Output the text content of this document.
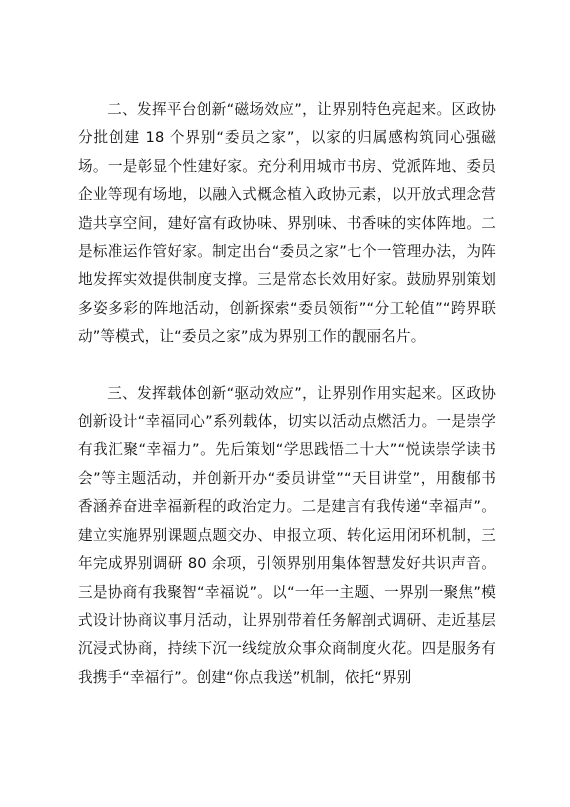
二、发挥平台创新“磁场效应”，让界别特色亮起来。区政协分批创建 18 个界别“委员之家”，以家的归属感构筑同心强磁场。一是彰显个性建好家。充分利用城市书房、党派阵地、委员企业等现有场地，以融入式概念植入政协元素，以开放式理念营造共享空间，建好富有政协味、界别味、书香味的实体阵地。二是标准运作管好家。制定出台“委员之家”七个一管理办法，为阵地发挥实效提供制度支撑。三是常态长效用好家。鼓励界别策划多姿多彩的阵地活动，创新探索“委员领衔”“分工轮值”“跨界联动”等模式，让“委员之家”成为界别工作的靓丽名片。

三、发挥载体创新“驱动效应”，让界别作用实起来。区政协创新设计“幸福同心”系列载体，切实以活动点燃活力。一是崇学有我汇聚“幸福力”。先后策划“学思践悟二十大”“悦读崇学读书会”等主题活动，并创新开办“委员讲堂”“天目讲堂”，用馥郁书香涵养奋进幸福新程的政治定力。二是建言有我传递“幸福声”。建立实施界别课题点题交办、申报立项、转化运用闭环机制，三年完成界别调研 80 余项，引领界别用集体智慧发好共识声音。三是协商有我聚智“幸福说”。以“一年一主题、一界别一聚焦”模式设计协商议事月活动，让界别带着任务解剖式调研、走近基层沉浸式协商，持续下沉一线绽放众事众商制度火花。四是服务有我携手“幸福行”。创建“你点我送”机制，依托“界别
